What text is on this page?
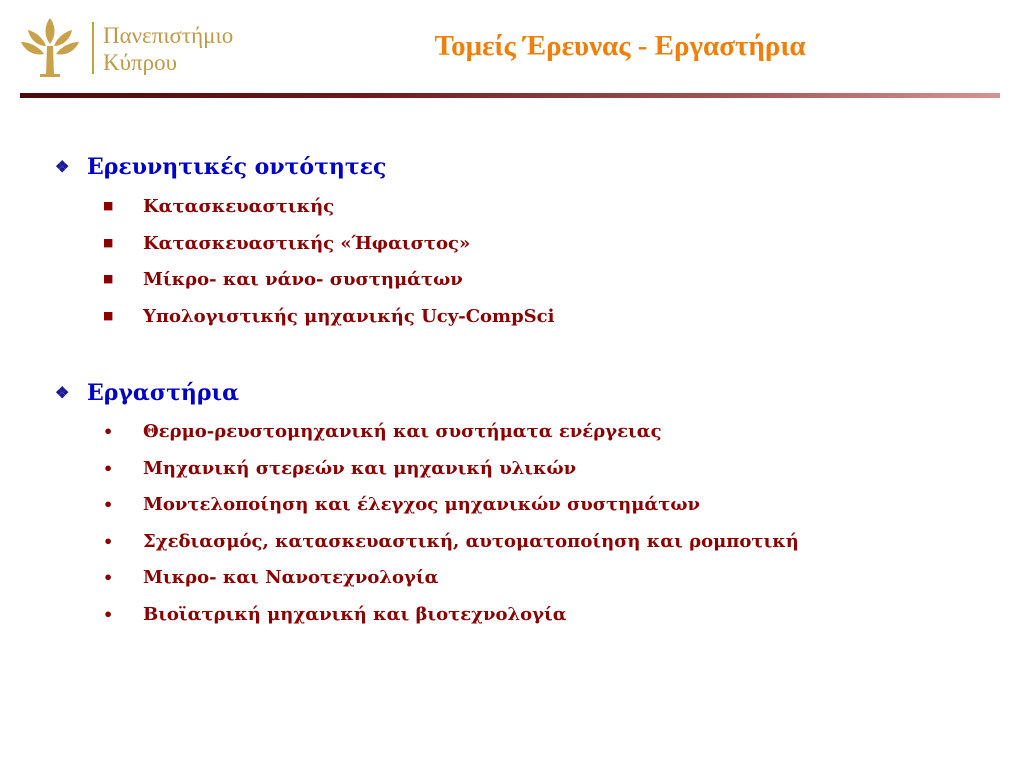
Πανεπιστήμιο
Κύπρου
Τομείς Έρευνας - Εργαστήρια
❖ Ερευνητικές οντότητες
■ Κατασκευαστικής
■ Κατασκευαστικής «Ήφαιστος»
■ Μίκρο- και νάνο- συστημάτων
■ Υπολογιστικής μηχανικής Ucy-CompSci
❖ Εργαστήρια
• Θερμο-ρευστομηχανική και συστήματα ενέργειας
• Μηχανική στερεών και μηχανική υλικών
• Μοντελοποίηση και έλεγχος μηχανικών συστημάτων
• Σχεδιασμός, κατασκευαστική, αυτοματοποίηση και ρομποτική
• Μικρο- και Νανοτεχνολογία
• Βιοϊατρική μηχανική και βιοτεχνολογία
